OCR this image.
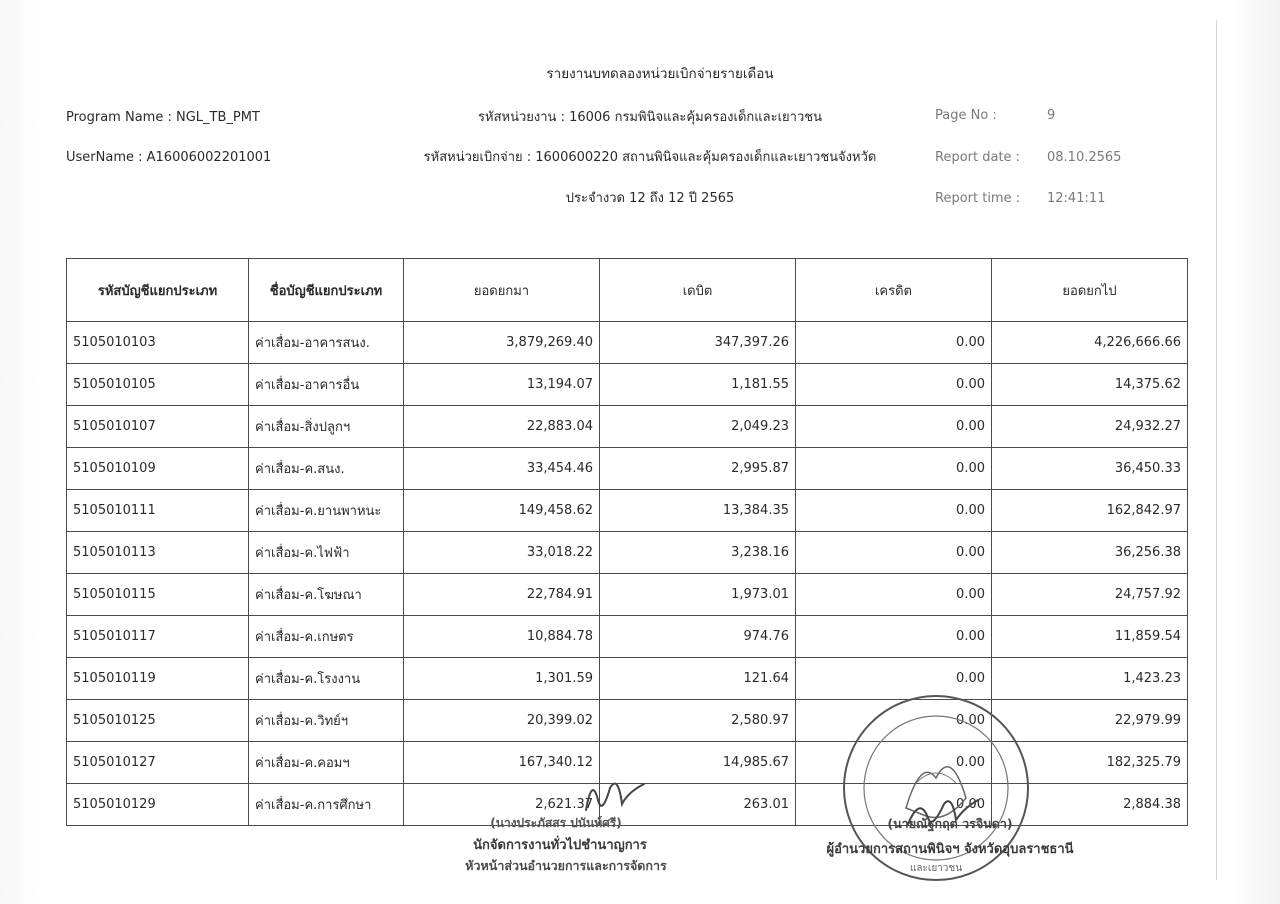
รายงานบทดลองหน่วยเบิกจ่ายรายเดือน
Program Name : NGL_TB_PMT
UserName : A16006002201001
รหัสหน่วยงาน : 16006 กรมพินิจและคุ้มครองเด็กและเยาวชน
รหัสหน่วยเบิกจ่าย : 1600600220 สถานพินิจและคุ้มครองเด็กและเยาวชนจังหวัด
ประจำงวด 12 ถึง 12 ปี 2565
Page No :	9
Report date : 08.10.2565
Report time : 12:41:11
รหัสบัญชีแยกประเภท	ชื่อบัญชีแยกประเภท	ยอดยกมา	เดบิต	เครดิต	ยอดยกไป
5105010103	ค่าเสื่อม-อาคารสนง.	3,879,269.40	347,397.26	0.00	4,226,666.66
5105010105	ค่าเสื่อม-อาคารอื่น	13,194.07	1,181.55	0.00	14,375.62
5105010107	ค่าเสื่อม-สิ่งปลูกฯ	22,883.04	2,049.23	0.00	24,932.27
5105010109	ค่าเสื่อม-ค.สนง.	33,454.46	2,995.87	0.00	36,450.33
5105010111	ค่าเสื่อม-ค.ยานพาหนะ	149,458.62	13,384.35	0.00	162,842.97
5105010113	ค่าเสื่อม-ค.ไฟฟ้า	33,018.22	3,238.16	0.00	36,256.38
5105010115	ค่าเสื่อม-ค.โฆษณา	22,784.91	1,973.01	0.00	24,757.92
5105010117	ค่าเสื่อม-ค.เกษตร	10,884.78	974.76	0.00	11,859.54
5105010119	ค่าเสื่อม-ค.โรงงาน	1,301.59	121.64	0.00	1,423.23
5105010125	ค่าเสื่อม-ค.วิทย์ฯ	20,399.02	2,580.97	0.00	22,979.99
5105010127	ค่าเสื่อม-ค.คอมฯ	167,340.12	14,985.67	0.00	182,325.79
5105010129	ค่าเสื่อม-ค.การศึกษา	2,621.37	263.01	0.00	2,884.38
และเยาวชน
(นางประภัสสร ปนันท์ศรี)
นักจัดการงานทั่วไปชำนาญการ
หัวหน้าส่วนอำนวยการและการจัดการ
(นายณัฐกฤต วรจินดา)
ผู้อำนวยการสถานพินิจฯ จังหวัดอุบลราชธานี
